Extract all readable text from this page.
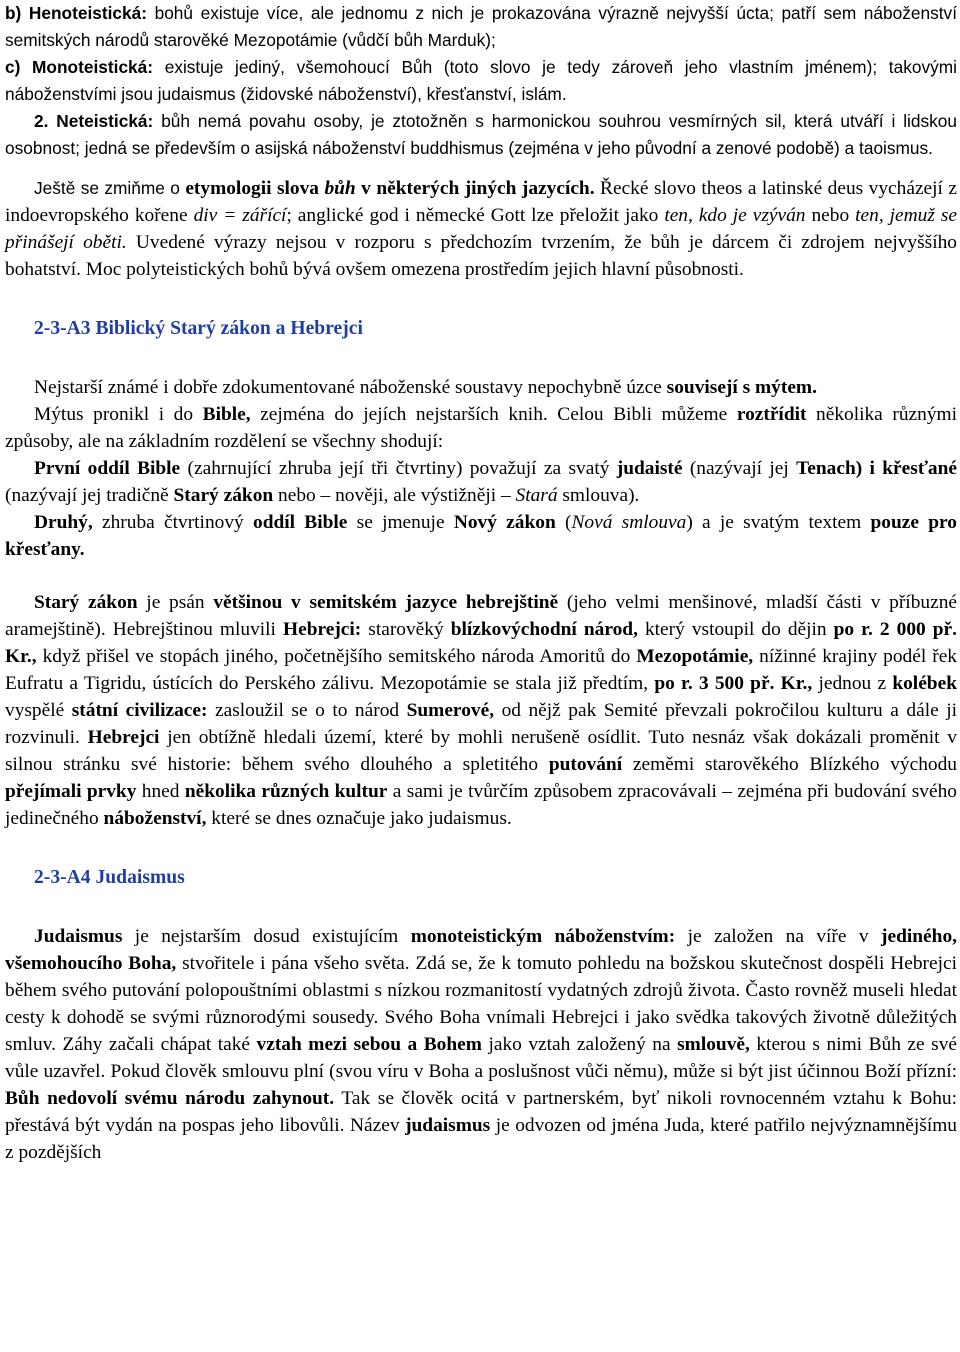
b) Henoteistická: bohů existuje více, ale jednomu z nich je prokazována výrazně nejvyšší úcta; patří sem náboženství semitských národů starověké Mezopotámie (vůdčí bůh Marduk);

c) Monoteistická: existuje jediný, všemohoucí Bůh (toto slovo je tedy zároveň jeho vlastním jménem); takovými náboženstvími jsou judaismus (židovské náboženství), křesťanství, islám.

2. Neteistická: bůh nemá povahu osoby, je ztotožněn s harmonickou souhrou vesmírných sil, která utváří i lidskou osobnost; jedná se především o asijská náboženství buddhismus (zejména v jeho původní a zenové podobě) a taoismus.

Ještě se zmiňme o etymologii slova bůh v některých jiných jazycích. Řecké slovo theos a latinské deus vycházejí z indoevropského kořene div = zářící; anglické god i německé Gott lze přeložit jako ten, kdo je vzýván nebo ten, jemuž se přinášejí oběti. Uvedené výrazy nejsou v rozporu s předchozím tvrzením, že bůh je dárcem či zdrojem nejvyššího bohatství. Moc polyteistických bohů bývá ovšem omezena prostředím jejich hlavní působnosti.

2-3-A3 Biblický Starý zákon a Hebrejci

Nejstarší známé i dobře zdokumentované náboženské soustavy nepochybně úzce souvisejí s mýtem.

Mýtus pronikl i do Bible, zejména do jejích nejstarších knih. Celou Bibli můžeme roztřídit několika různými způsoby, ale na základním rozdělení se všechny shodují:

První oddíl Bible (zahrnující zhruba její tři čtvrtiny) považují za svatý judaisté (nazývají jej Tenach) i křesťané (nazývají jej tradičně Starý zákon nebo – nověji, ale výstižněji – Stará smlouva).

Druhý, zhruba čtvrtinový oddíl Bible se jmenuje Nový zákon (Nová smlouva) a je svatým textem pouze pro křesťany.

Starý zákon je psán většinou v semitském jazyce hebrejštině (jeho velmi menšinové, mladší části v příbuzné aramejštině). Hebrejštinou mluvili Hebrejci: starověký blízkovýchodní národ, který vstoupil do dějin po r. 2 000 př. Kr., když přišel ve stopách jiného, početnějšího semitského národa Amoritů do Mezopotámie, nížinné krajiny podél řek Eufratu a Tigridu, ústících do Perského zálivu. Mezopotámie se stala již předtím, po r. 3 500 př. Kr., jednou z kolébek vyspělé státní civilizace: zasloužil se o to národ Sumerové, od nějž pak Semité převzali pokročilou kulturu a dále ji rozvinuli. Hebrejci jen obtížně hledali území, které by mohli nerušeně osídlit. Tuto nesnáz však dokázali proměnit v silnou stránku své historie: během svého dlouhého a spletitého putování zeměmi starověkého Blízkého východu přejímali prvky hned několika různých kultur a sami je tvůrčím způsobem zpracovávali – zejména při budování svého jedinečného náboženství, které se dnes označuje jako judaismus.

2-3-A4 Judaismus

Judaismus je nejstarším dosud existujícím monoteistickým náboženstvím: je založen na víře v jediného, všemohoucího Boha, stvořitele i pána všeho světa. Zdá se, že k tomuto pohledu na božskou skutečnost dospěli Hebrejci během svého putování polopouštními oblastmi s nízkou rozmanitostí vydatných zdrojů života. Často rovněž museli hledat cesty k dohodě se svými různorodými sousedy. Svého Boha vnímali Hebrejci i jako svědka takových životně důležitých smluv. Záhy začali chápat také vztah mezi sebou a Bohem jako vztah založený na smlouvě, kterou s nimi Bůh ze své vůle uzavřel. Pokud člověk smlouvu plní (svou víru v Boha a poslušnost vůči němu), může si být jist účinnou Boží přízní: Bůh nedovolí svému národu zahynout. Tak se člověk ocitá v partnerském, byť nikoli rovnocenném vztahu k Bohu: přestává být vydán na pospas jeho libovůli. Název judaismus je odvozen od jména Juda, které patřilo nejvýznamnějšímu z pozdějších
